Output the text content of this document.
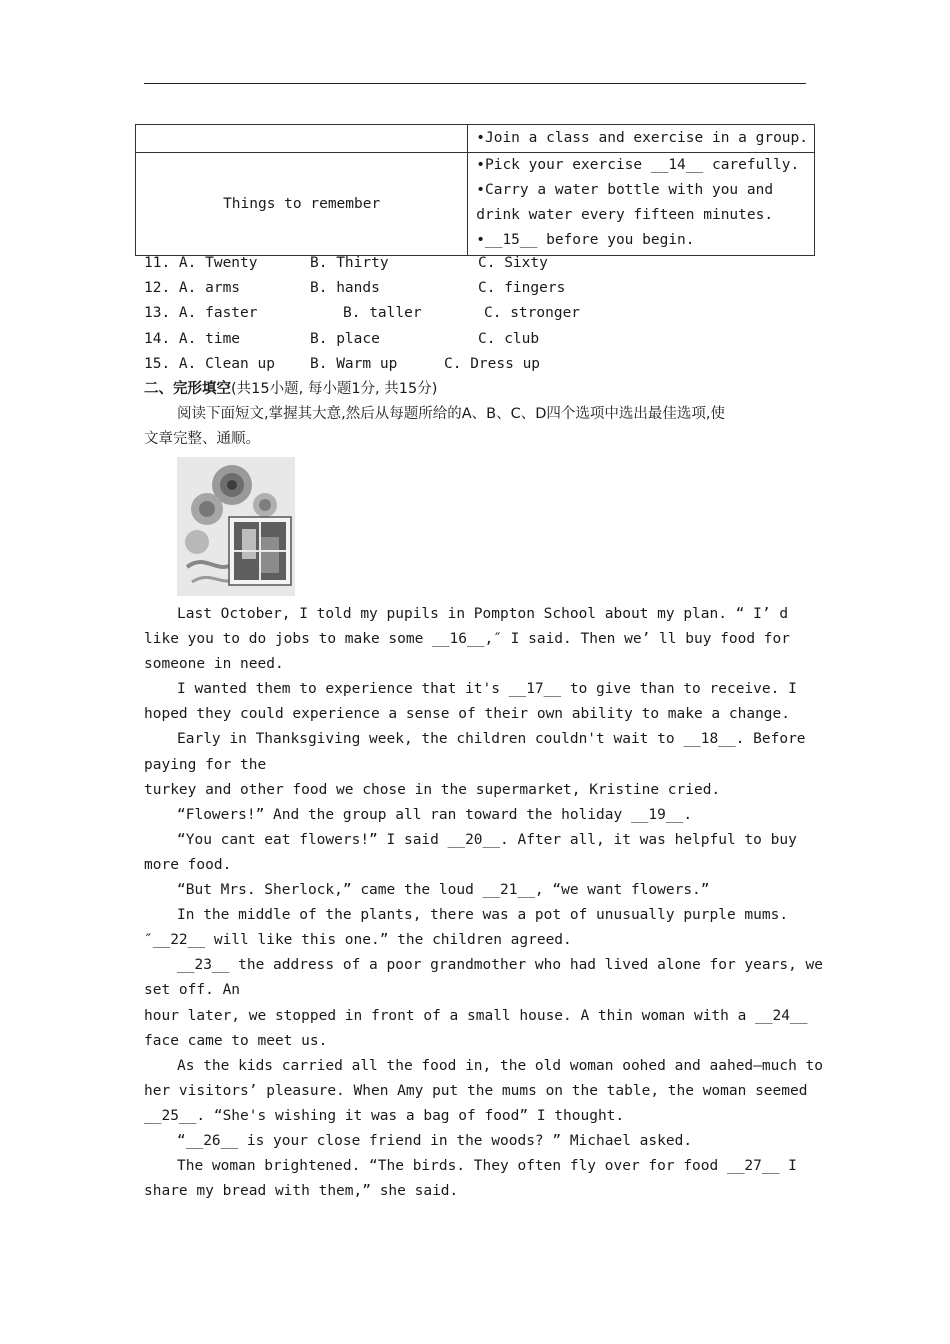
	•Join a class and exercise in a group.

Things to remember	•Pick your exercise __14__ carefully.
•Carry a water bottle with you and
drink water every fifteen minutes.
•__15__ before you begin.
11. A. Twenty	B. Thirty	C. Sixty
12. A. arms	B. hands	C. fingers
13. A. faster	B. taller	C. stronger
14. A. time	B. place	C. club
15. A. Clean up B. Warm up	C. Dress up
二、完形填空(共15小题, 每小题1分, 共15分)
阅读下面短文,掌握其大意,然后从每题所给的A、B、C、D四个选项中选出最佳选项,使
文章完整、通顺。
Last October, I told my pupils in Pompton School about my plan. “ I’ d
like you to do jobs to make some __16__,″ I said. Then we’ ll buy food for
someone in need.
I wanted them to experience that it's __17__ to give than to receive. I
hoped they could experience a sense of their own ability to make a change.
Early in Thanksgiving week, the children couldn't wait to __18__. Before
paying for the
turkey and other food we chose in the supermarket, Kristine cried.
“Flowers!” And the group all ran toward the holiday __19__.
“You cant eat flowers!” I said __20__. After all, it was helpful to buy
more food.
“But Mrs. Sherlock,” came the loud __21__, “we want flowers.”
In the middle of the plants, there was a pot of unusually purple mums.
″__22__ will like this one.” the children agreed.
__23__ the address of a poor grandmother who had lived alone for years, we
set off. An
hour later, we stopped in front of a small house. A thin woman with a __24__
face came to meet us.
As the kids carried all the food in, the old woman oohed and aahed—much to
her visitors’ pleasure. When Amy put the mums on the table, the woman seemed
__25__. “She's wishing it was a bag of food” I thought.
“__26__ is your close friend in the woods? ” Michael asked.
The woman brightened. “The birds. They often fly over for food __27__ I
share my bread with them,” she said.
